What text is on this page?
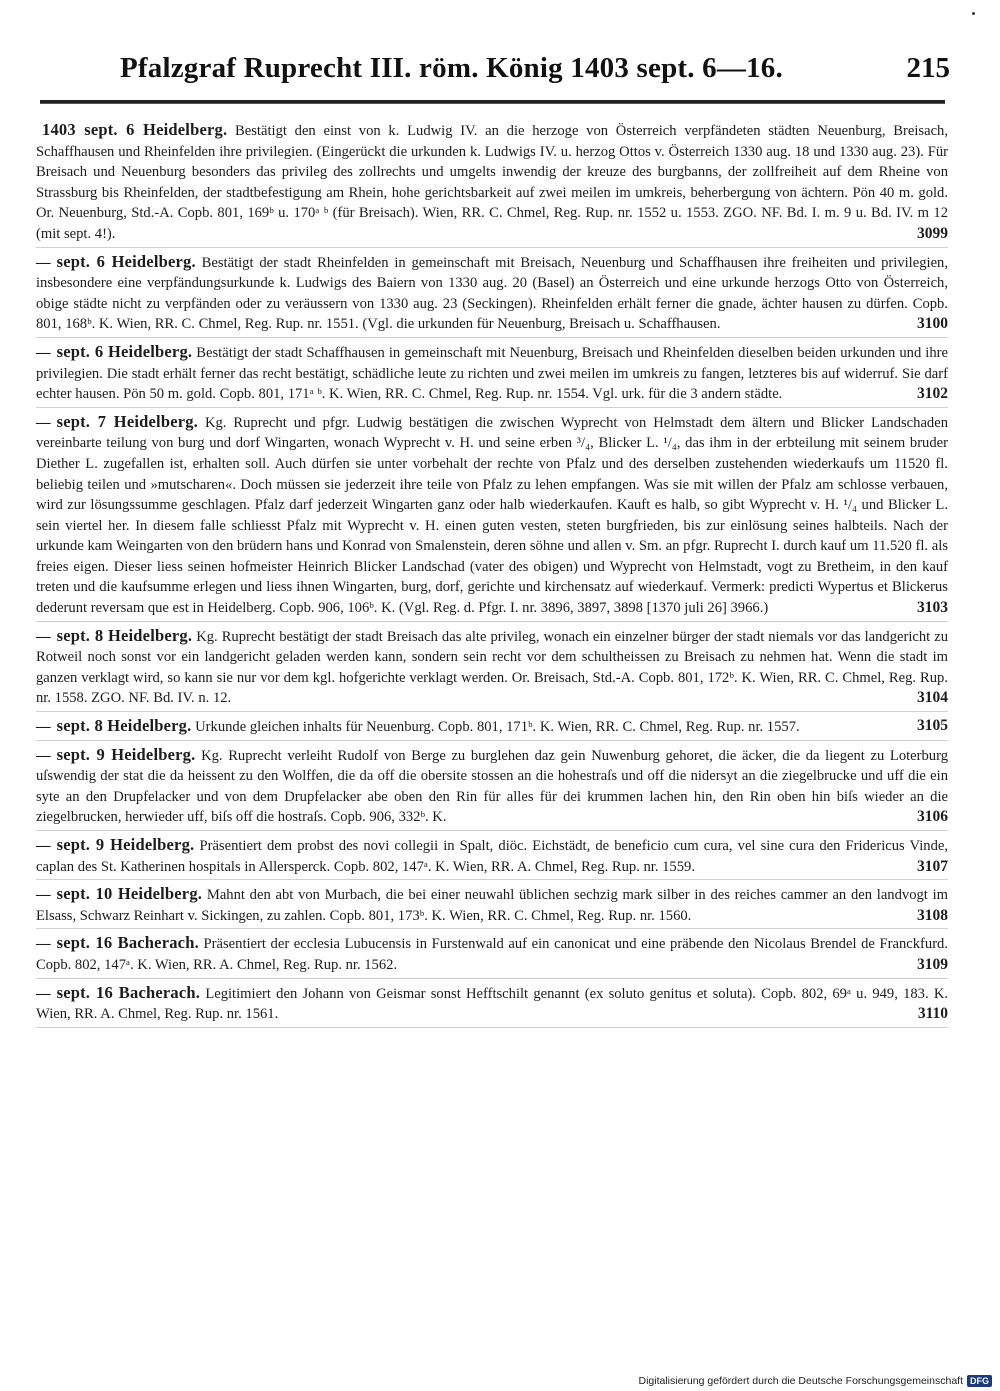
Pfalzgraf Ruprecht III. röm. König 1403 sept. 6—16.	215
1403 sept. 6 Heidelberg. Bestätigt den einst von k. Ludwig IV. an die herzoge von Österreich verpfändeten städten Neuenburg, Breisach, Schaffhausen und Rheinfelden ihre privilegien. (Eingerückt die urkunden k. Ludwigs IV. u. herzog Ottos v. Österreich 1330 aug. 18 und 1330 aug. 23). Für Breisach und Neuenburg besonders das privileg des zollrechts und umgelts inwendig der kreuze des burgbanns, der zollfreiheit auf dem Rheine von Strassburg bis Rheinfelden, der stadtbefestigung am Rhein, hohe gerichtsbarkeit auf zwei meilen im umkreis, beherbergung von ächtern. Pön 40 m. gold. Or. Neuenburg, Std.-A. Copb. 801, 169ᵇ u. 170ᵃ ᵇ (für Breisach). Wien, RR. C. Chmel, Reg. Rup. nr. 1552 u. 1553. ZGO. NF. Bd. I. m. 9 u. Bd. IV. m 12 (mit sept. 4!).	3099
— sept. 6 Heidelberg. Bestätigt der stadt Rheinfelden in gemeinschaft mit Breisach, Neuenburg und Schaffhausen ihre freiheiten und privilegien, insbesondere eine verpfändungsurkunde k. Ludwigs des Baiern von 1330 aug. 20 (Basel) an Österreich und eine urkunde herzogs Otto von Österreich, obige städte nicht zu verpfänden oder zu veräussern von 1330 aug. 23 (Seckingen). Rheinfelden erhält ferner die gnade, ächter hausen zu dürfen. Copb. 801, 168ᵇ. K. Wien, RR. C. Chmel, Reg. Rup. nr. 1551. (Vgl. die urkunden für Neuenburg, Breisach u. Schaffhausen.	3100
— sept. 6 Heidelberg. Bestätigt der stadt Schaffhausen in gemeinschaft mit Neuenburg, Breisach und Rheinfelden dieselben beiden urkunden und ihre privilegien. Die stadt erhält ferner das recht bestätigt, schädliche leute zu richten und zwei meilen im umkreis zu fangen, letzteres bis auf widerruf. Sie darf echter hausen. Pön 50 m. gold. Copb. 801, 171ᵃ ᵇ. K. Wien, RR. C. Chmel, Reg. Rup. nr. 1554. Vgl. urk. für die 3 andern städte.	3102
— sept. 7 Heidelberg. Kg. Ruprecht und pfgr. Ludwig bestätigen die zwischen Wyprecht von Helmstadt dem ältern und Blicker Landschaden vereinbarte teilung von burg und dorf Wingarten, wonach Wyprecht v. H. und seine erben ³/₄, Blicker L. ¹/₄, das ihm in der erbteilung mit seinem bruder Diether L. zugefallen ist, erhalten soll. Auch dürfen sie unter vorbehalt der rechte von Pfalz und des derselben zustehenden wiederkaufs um 11520 fl. beliebig teilen und »mutscharen«. Doch müssen sie jederzeit ihre teile von Pfalz zu lehen empfangen. Was sie mit willen der Pfalz am schlosse verbauen, wird zur lösungssumme geschlagen. Pfalz darf jederzeit Wingarten ganz oder halb wiederkaufen. Kauft es halb, so gibt Wyprecht v. H. ¹/₄ und Blicker L. sein viertel her. In diesem falle schliesst Pfalz mit Wyprecht v. H. einen guten vesten, steten burgfrieden, bis zur einlösung seines halbteils. Nach der urkunde kam Weingarten von den brüdern hans und Konrad von Smalenstein, deren söhne und allen v. Sm. an pfgr. Ruprecht I. durch kauf um 11.520 fl. als freies eigen. Dieser liess seinen hofmeister Heinrich Blicker Landschad (vater des obigen) und Wyprecht von Helmstadt, vogt zu Bretheim, in den kauf treten und die kaufsumme erlegen und liess ihnen Wingarten, burg, dorf, gerichte und kirchensatz auf wiederkauf. Vermerk: predicti Wypertus et Blickerus dederunt reversam que est in Heidelberg. Copb. 906, 106ᵇ. K. (Vgl. Reg. d. Pfgr. I. nr. 3896, 3897, 3898 [1370 juli 26] 3966.)	3103
— sept. 8 Heidelberg. Kg. Ruprecht bestätigt der stadt Breisach das alte privileg, wonach ein einzelner bürger der stadt niemals vor das landgericht zu Rotweil noch sonst vor ein landgericht geladen werden kann, sondern sein recht vor dem schultheissen zu Breisach zu nehmen hat. Wenn die stadt im ganzen verklagt wird, so kann sie nur vor dem kgl. hofgerichte verklagt werden. Or. Breisach, Std.-A. Copb. 801, 172ᵇ. K. Wien, RR. C. Chmel, Reg. Rup. nr. 1558. ZGO. NF. Bd. IV. n. 12.	3104
— sept. 8 Heidelberg. Urkunde gleichen inhalts für Neuenburg. Copb. 801, 171ᵇ. K. Wien, RR. C. Chmel, Reg. Rup. nr. 1557.	3105
— sept. 9 Heidelberg. Kg. Ruprecht verleiht Rudolf von Berge zu burglehen daz gein Nuwenburg gehoret, die äcker, die da liegent zu Loterburg uſswendig der stat die da heissent zu den Wolffen, die da off die obersite stossen an die hohestraſs und off die nidersyt an die ziegelbrucke und uff die ein syte an den Drupfelacker und von dem Drupfelacker abe oben den Rin für alles für dei krummen lachen hin, den Rin oben hin biſs wieder an die ziegelbrucken, herwieder uff, biſs off die hostraſs. Copb. 906, 332ᵇ. K.	3106
— sept. 9 Heidelberg. Präsentiert dem probst des novi collegii in Spalt, diöc. Eichstädt, de beneficio cum cura, vel sine cura den Fridericus Vinde, caplan des St. Katherinen hospitals in Allersperck. Copb. 802, 147ᵃ. K. Wien, RR. A. Chmel, Reg. Rup. nr. 1559.	3107
— sept. 10 Heidelberg. Mahnt den abt von Murbach, die bei einer neuwahl üblichen sechzig mark silber in des reiches cammer an den landvogt im Elsass, Schwarz Reinhart v. Sickingen, zu zahlen. Copb. 801, 173ᵇ. K. Wien, RR. C. Chmel, Reg. Rup. nr. 1560.	3108
— sept. 16 Bacherach. Präsentiert der ecclesia Lubucensis in Furstenwald auf ein canonicat und eine präbende den Nicolaus Brendel de Franckfurd. Copb. 802, 147ᵃ. K. Wien, RR. A. Chmel, Reg. Rup. nr. 1562.	3109
— sept. 16 Bacherach. Legitimiert den Johann von Geismar sonst Hefftschilt genannt (ex soluto genitus et soluta). Copb. 802, 69ᵃ u. 949, 183. K. Wien, RR. A. Chmel, Reg. Rup. nr. 1561.	3110
Digitalisierung gefördert durch die Deutsche Forschungsgemeinschaft DFG
